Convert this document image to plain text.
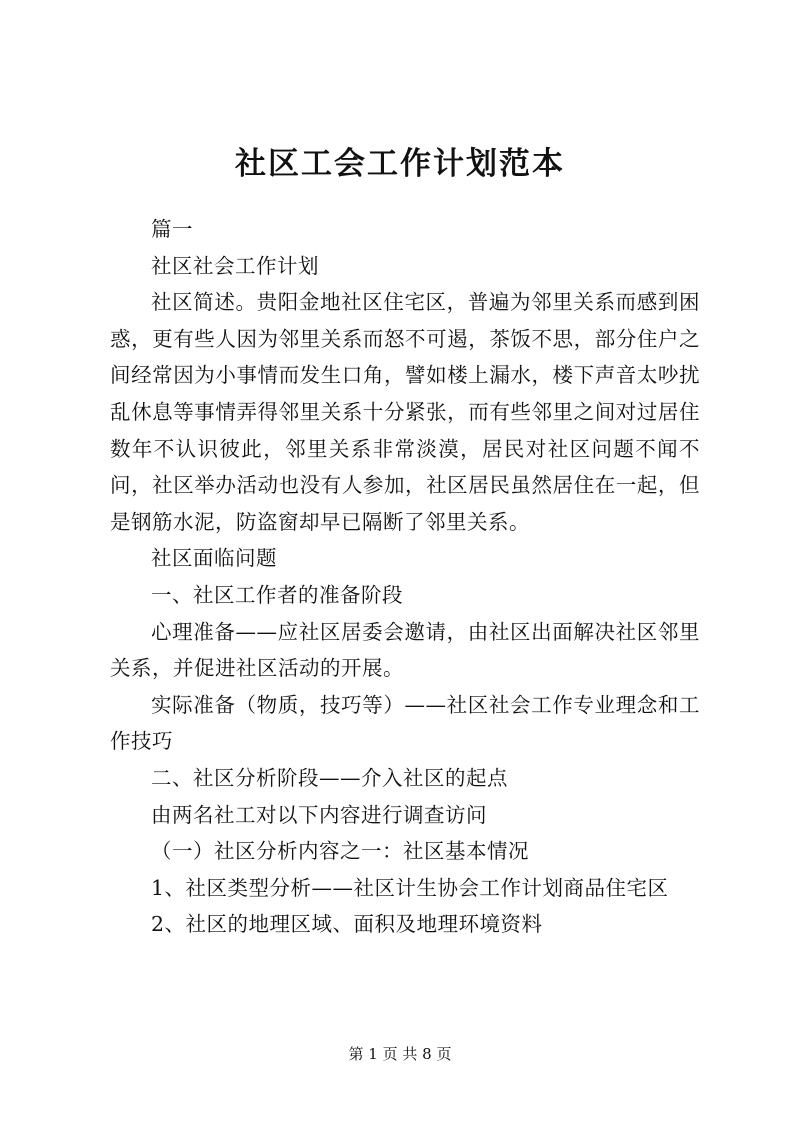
社区工会工作计划范本

篇一

社区社会工作计划

社区简述。贵阳金地社区住宅区，普遍为邻里关系而感到困惑，更有些人因为邻里关系而怒不可遏，茶饭不思，部分住户之间经常因为小事情而发生口角，譬如楼上漏水，楼下声音太吵扰乱休息等事情弄得邻里关系十分紧张，而有些邻里之间对过居住数年不认识彼此，邻里关系非常淡漠，居民对社区问题不闻不问，社区举办活动也没有人参加，社区居民虽然居住在一起，但是钢筋水泥，防盗窗却早已隔断了邻里关系。

社区面临问题

一、社区工作者的准备阶段

心理准备——应社区居委会邀请，由社区出面解决社区邻里关系，并促进社区活动的开展。

实际准备（物质，技巧等）——社区社会工作专业理念和工作技巧

二、社区分析阶段——介入社区的起点

由两名社工对以下内容进行调查访问

（一）社区分析内容之一：社区基本情况

1、社区类型分析——社区计生协会工作计划商品住宅区

2、社区的地理区域、面积及地理环境资料

第 1 页 共 8 页
